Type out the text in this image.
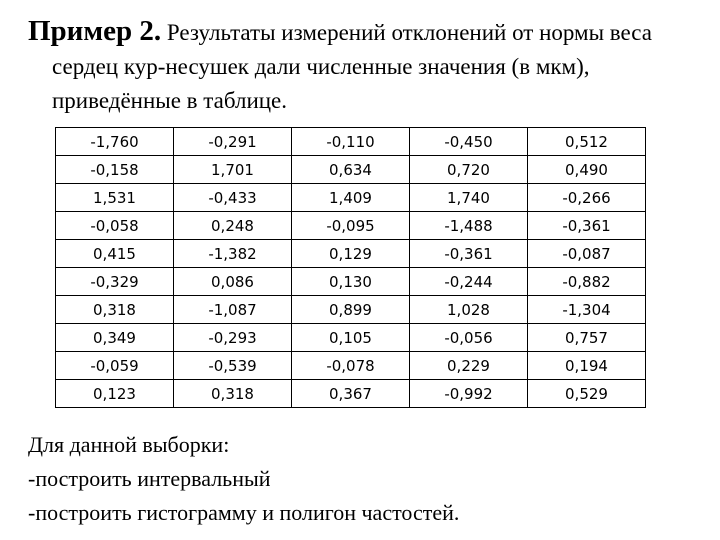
Пример 2. Результаты измерений отклонений от нормы веса
сердец кур-несушек дали численные значения (в мкм),
приведённые в таблице.
-1,760	-0,291	-0,110	-0,450	0,512
-0,158	1,701	0,634	0,720	0,490
1,531	-0,433	1,409	1,740	-0,266
-0,058	0,248	-0,095	-1,488	-0,361
0,415	-1,382	0,129	-0,361	-0,087
-0,329	0,086	0,130	-0,244	-0,882
0,318	-1,087	0,899	1,028	-1,304
0,349	-0,293	0,105	-0,056	0,757
-0,059	-0,539	-0,078	0,229	0,194
0,123	0,318	0,367	-0,992	0,529
Для данной выборки:
-построить интервальный
-построить гистограмму и полигон частостей.
